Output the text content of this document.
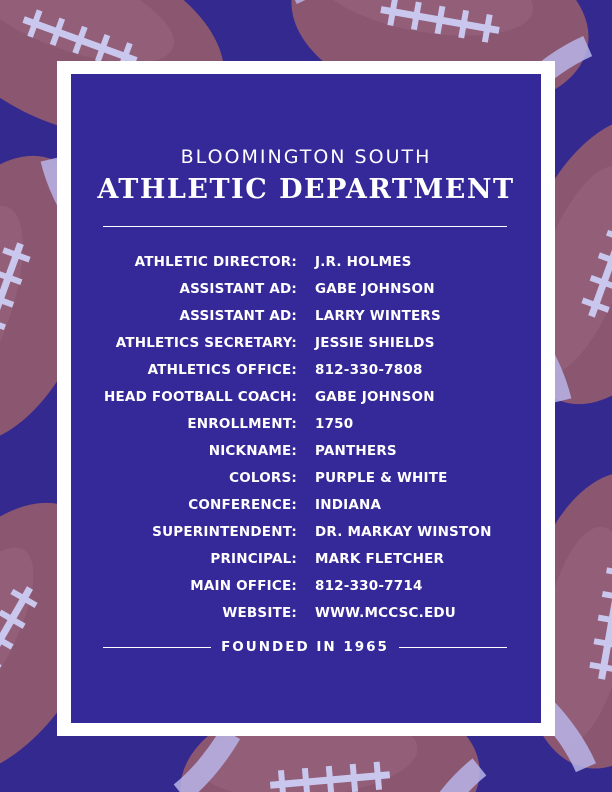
BLOOMINGTON SOUTH
ATHLETIC DEPARTMENT
ATHLETIC DIRECTOR:	J.R. HOLMES
ASSISTANT AD:	GABE JOHNSON
ASSISTANT AD:	LARRY WINTERS
ATHLETICS SECRETARY:	JESSIE SHIELDS
ATHLETICS OFFICE:	812-330-7808
HEAD FOOTBALL COACH:	GABE JOHNSON
ENROLLMENT:	1750
NICKNAME:	PANTHERS
COLORS:	PURPLE & WHITE
CONFERENCE:	INDIANA
SUPERINTENDENT:	DR. MARKAY WINSTON
PRINCIPAL:	MARK FLETCHER
MAIN OFFICE:	812-330-7714
WEBSITE:	WWW.MCCSC.EDU
FOUNDED IN 1965
